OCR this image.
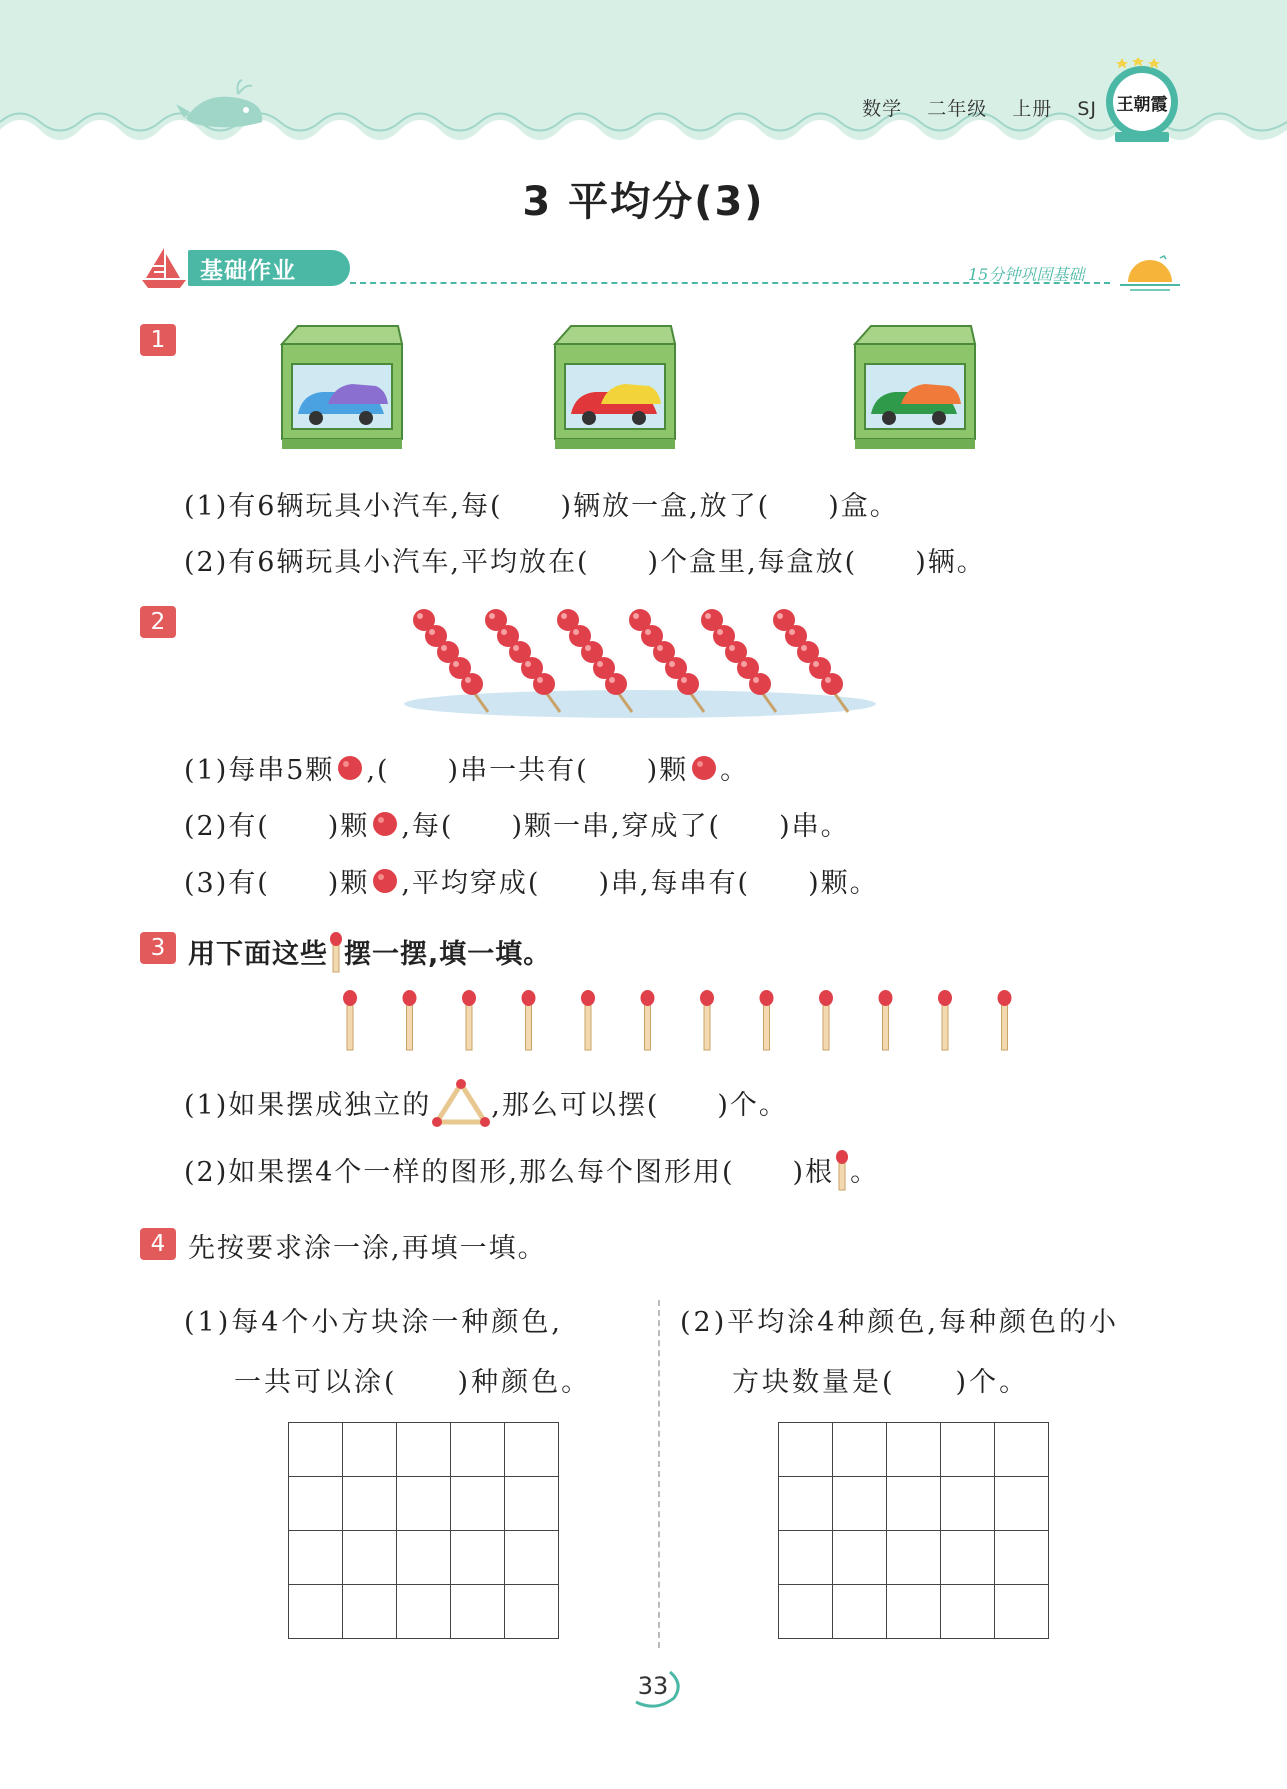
数学 二年级 上册 SJ	王朝霞
3 平均分(3)
基础作业	15分钟巩固基础
1
(1)有6辆玩具小汽车,每(　　)辆放一盒,放了(　　)盒。
(2)有6辆玩具小汽车,平均放在(　　)个盒里,每盒放(　　)辆。
2
(1)每串5颗 ,(　　)串一共有(　　)颗 。
(2)有(　　)颗 ,每(　　)颗一串,穿成了(　　)串。
(3)有(　　)颗 ,平均穿成(　　)串,每串有(　　)颗。
3 用下面这些 摆一摆,填一填。
(1)如果摆成独立的 ,那么可以摆(　　)个。
(2)如果摆4个一样的图形,那么每个图形用(　　)根 。
4 先按要求涂一涂,再填一填。
(1)每4个小方块涂一种颜色,
一共可以涂(　　)种颜色。
(2)平均涂4种颜色,每种颜色的小
方块数量是(　　)个。

33
